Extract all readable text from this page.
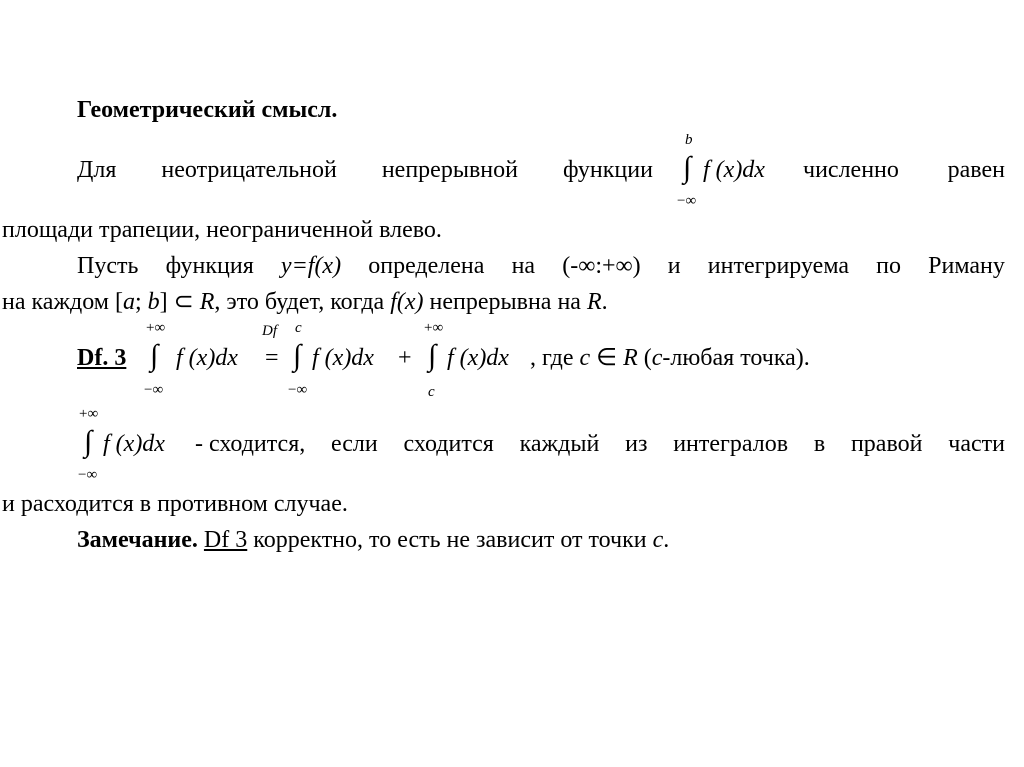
Геометрический смысл.
Для неотрицательной непрерывной функции
b
∫
−∞
f (x)dx численно равен
площади трапеции, неограниченной влево.
Пусть функция y=f(x) определена на (-∞:+∞) и интегрируема по Риману
на каждом [a; b] ⊂ R, это будет, когда f(x) непрерывна на R.
Df. 3
+∞
∫
−∞
f (x)dx
Df
=
c
∫
−∞
f (x)dx +
+∞
∫
c
f (x)dx , где c ∈ R (c-любая точка).
+∞
∫
−∞
f (x)dx - сходится, если сходится каждый из интегралов в правой части
и расходится в противном случае.
Замечание. Df 3 корректно, то есть не зависит от точки c.
